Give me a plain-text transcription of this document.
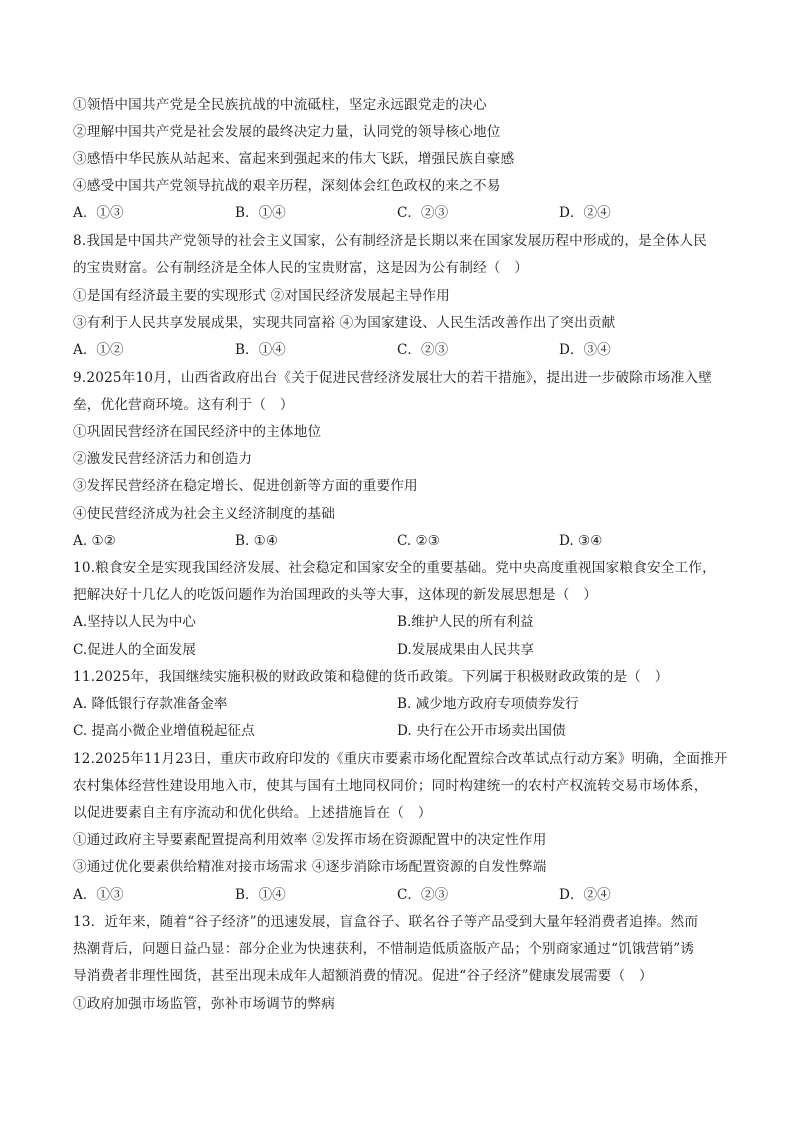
①领悟中国共产党是全民族抗战的中流砥柱，坚定永远跟党走的决心
②理解中国共产党是社会发展的最终决定力量，认同党的领导核心地位
③感悟中华民族从站起来、富起来到强起来的伟大飞跃，增强民族自豪感
④感受中国共产党领导抗战的艰辛历程，深刻体会红色政权的来之不易
A．①③	B．①④	C．②③	D．②④
8.我国是中国共产党领导的社会主义国家，公有制经济是长期以来在国家发展历程中形成的，是全体人民
的宝贵财富。公有制经济是全体人民的宝贵财富，这是因为公有制经（　）
①是国有经济最主要的实现形式 ②对国民经济发展起主导作用
③有利于人民共享发展成果，实现共同富裕 ④为国家建设、人民生活改善作出了突出贡献
A．①②	B．①④	C．②③	D．③④
9.2025年10月，山西省政府出台《关于促进民营经济发展壮大的若干措施》，提出进一步破除市场准入壁
垒，优化营商环境。这有利于（　）
①巩固民营经济在国民经济中的主体地位
②激发民营经济活力和创造力
③发挥民营经济在稳定增长、促进创新等方面的重要作用
④使民营经济成为社会主义经济制度的基础
A. ①②	B. ①④	C. ②③	D. ③④
10.粮食安全是实现我国经济发展、社会稳定和国家安全的重要基础。党中央高度重视国家粮食安全工作，
把解决好十几亿人的吃饭问题作为治国理政的头等大事，这体现的新发展思想是（　）
A.坚持以人民为中心	B.维护人民的所有利益
C.促进人的全面发展	D.发展成果由人民共享
11.2025年，我国继续实施积极的财政政策和稳健的货币政策。下列属于积极财政政策的是（　）
A. 降低银行存款准备金率	B. 减少地方政府专项债券发行
C. 提高小微企业增值税起征点	D. 央行在公开市场卖出国债
12.2025年11月23日，重庆市政府印发的《重庆市要素市场化配置综合改革试点行动方案》明确，全面推开
农村集体经营性建设用地入市，使其与国有土地同权同价；同时构建统一的农村产权流转交易市场体系，
以促进要素自主有序流动和优化供给。上述措施旨在（　）
①通过政府主导要素配置提高利用效率 ②发挥市场在资源配置中的决定性作用
③通过优化要素供给精准对接市场需求 ④逐步消除市场配置资源的自发性弊端
A．①③	B．①④	C．②③	D．②④
13．近年来，随着“谷子经济”的迅速发展，盲盒谷子、联名谷子等产品受到大量年轻消费者追捧。然而
热潮背后，问题日益凸显：部分企业为快速获利，不惜制造低质盗版产品；个别商家通过“饥饿营销”诱
导消费者非理性囤货，甚至出现未成年人超额消费的情况。促进“谷子经济”健康发展需要（　）
①政府加强市场监管，弥补市场调节的弊病
